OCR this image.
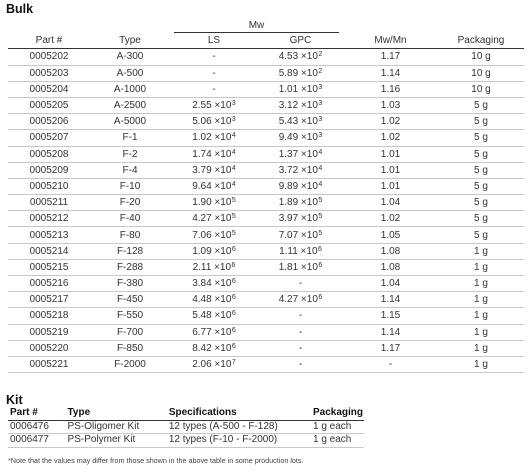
Bulk
		Mw	

Part #	Type	LS	GPC	Mw/Mn	Packaging
0005202	A-300	-	$4.53 \times 10^2$	1.17	10 g
0005203	A-500	-	$5.89 \times 10^2$	1.14	10 g
0005204	A-1000	-	$1.01 \times 10^3$	1.16	10 g
0005205	A-2500	$2.55 \times 10^3$	$3.12 \times 10^3$	1.03	5 g
0005206	A-5000	$5.06 \times 10^3$	$5.43 \times 10^3$	1.02	5 g
0005207	F-1	$1.02 \times 10^4$	$9.49 \times 10^3$	1.02	5 g
0005208	F-2	$1.74 \times 10^4$	$1.37 \times 10^4$	1.01	5 g
0005209	F-4	$3.79 \times 10^4$	$3.72 \times 10^4$	1.01	5 g
0005210	F-10	$9.64 \times 10^4$	$9.89 \times 10^4$	1.01	5 g
0005211	F-20	$1.90 \times 10^5$	$1.89 \times 10^5$	1.04	5 g
0005212	F-40	$4.27 \times 10^5$	$3.97 \times 10^5$	1.02	5 g
0005213	F-80	$7.06 \times 10^5$	$7.07 \times 10^5$	1.05	5 g
0005214	F-128	$1.09 \times 10^6$	$1.11 \times 10^6$	1.08	1 g
0005215	F-288	$2.11 \times 10^6$	$1.81 \times 10^6$	1.08	1 g
0005216	F-380	$3.84 \times 10^6$	-	1.04	1 g
0005217	F-450	$4.48 \times 10^6$	$4.27 \times 10^6$	1.14	1 g
0005218	F-550	$5.48 \times 10^6$	-	1.15	1 g
0005219	F-700	$6.77 \times 10^6$	-	1.14	1 g
0005220	F-850	$8.42 \times 10^6$	-	1.17	1 g
0005221	F-2000	$2.06 \times 10^7$	-	-	1 g
Kit
Part #	Type	Specifications	Packaging
0006476	PS-Oligomer Kit	12 types (A-500 - F-128)	1 g each
0006477	PS-Polymer Kit	12 types (F-10 - F-2000)	1 g each
*Note that the values may differ from those shown in the above table in some production lots.
